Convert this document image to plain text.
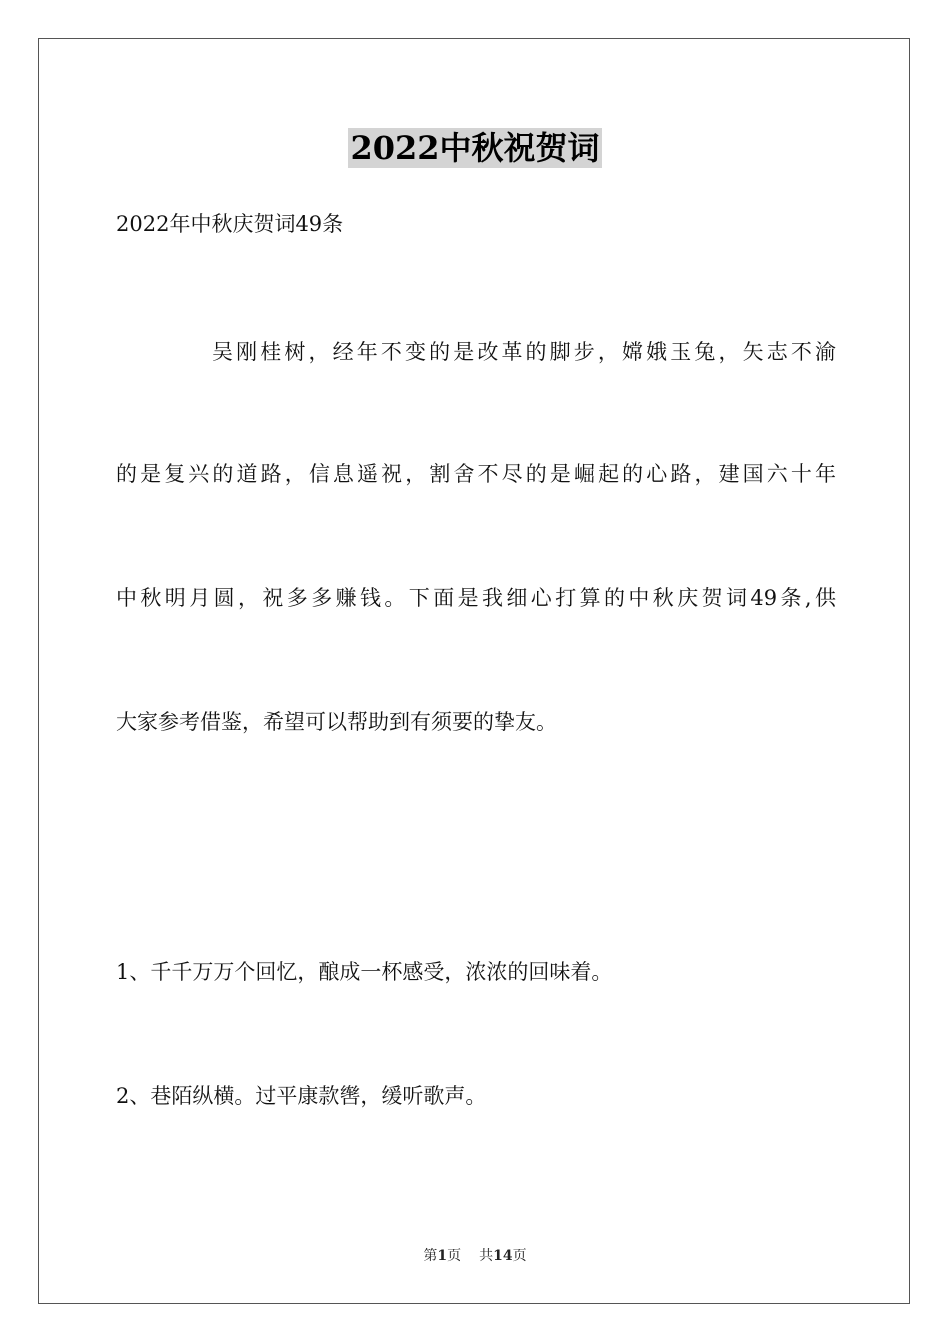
2022中秋祝贺词
2022年中秋庆贺词49条
吴刚桂树，经年不变的是改革的脚步，嫦娥玉兔，矢志不渝
的是复兴的道路，信息遥祝，割舍不尽的是崛起的心路，建国六十年
中秋明月圆，祝多多赚钱。下面是我细心打算的中秋庆贺词49条,供
大家参考借鉴，希望可以帮助到有须要的挚友。
1、千千万万个回忆，酿成一杯感受，浓浓的回味着。
2、巷陌纵横。过平康款辔，缓听歌声。
第1页 共14页
